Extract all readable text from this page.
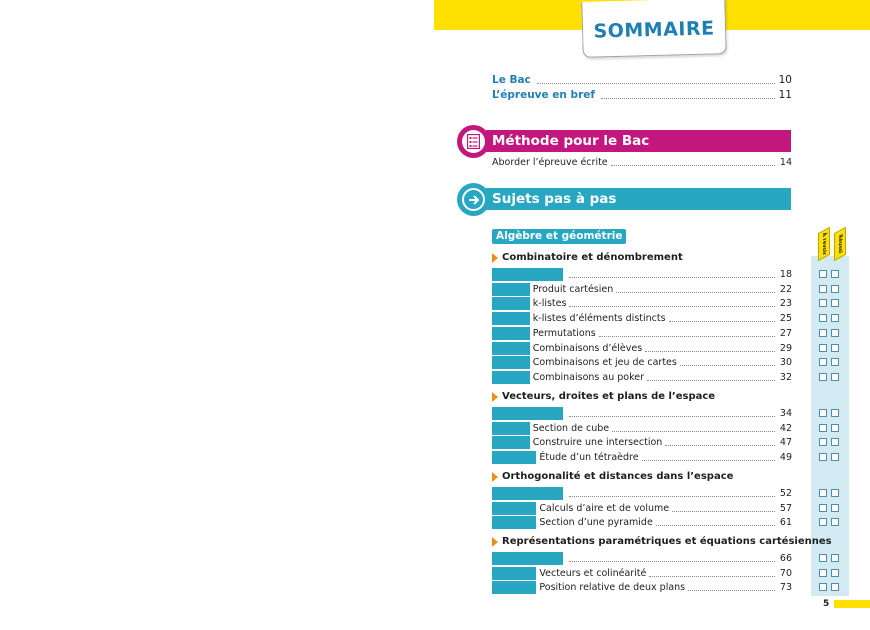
SOMMAIRE
Le Bac	10
L’épreuve en bref	11
Méthode pour le Bac
Aborder l’épreuve écrite	14
Sujets pas à pas
Algèbre et géométrie	À revoir	Réussi
Combinatoire et dénombrement
Faire le point	18
Sujet 1 Produit cartésien	22
Sujet 2 k-listes	23
Sujet 3 k-listes d’éléments distincts	25
Sujet 4 Permutations	27
Sujet 5 Combinaisons d’élèves	29
Sujet 6 Combinaisons et jeu de cartes	30
Sujet 7 Combinaisons au poker	32
Vecteurs, droites et plans de l’espace
Faire le point	34
Sujet 8 Section de cube	42
Sujet 9 Construire une intersection	47
Sujet 10 Étude d’un tétraèdre	49
Orthogonalité et distances dans l’espace
Faire le point	52
Sujet 11 Calculs d’aire et de volume	57
Sujet 12 Section d’une pyramide	61
Représentations paramétriques et équations cartésiennes
Faire le point	66
Sujet 13 Vecteurs et colinéarité	70
Sujet 14 Position relative de deux plans	73
5
